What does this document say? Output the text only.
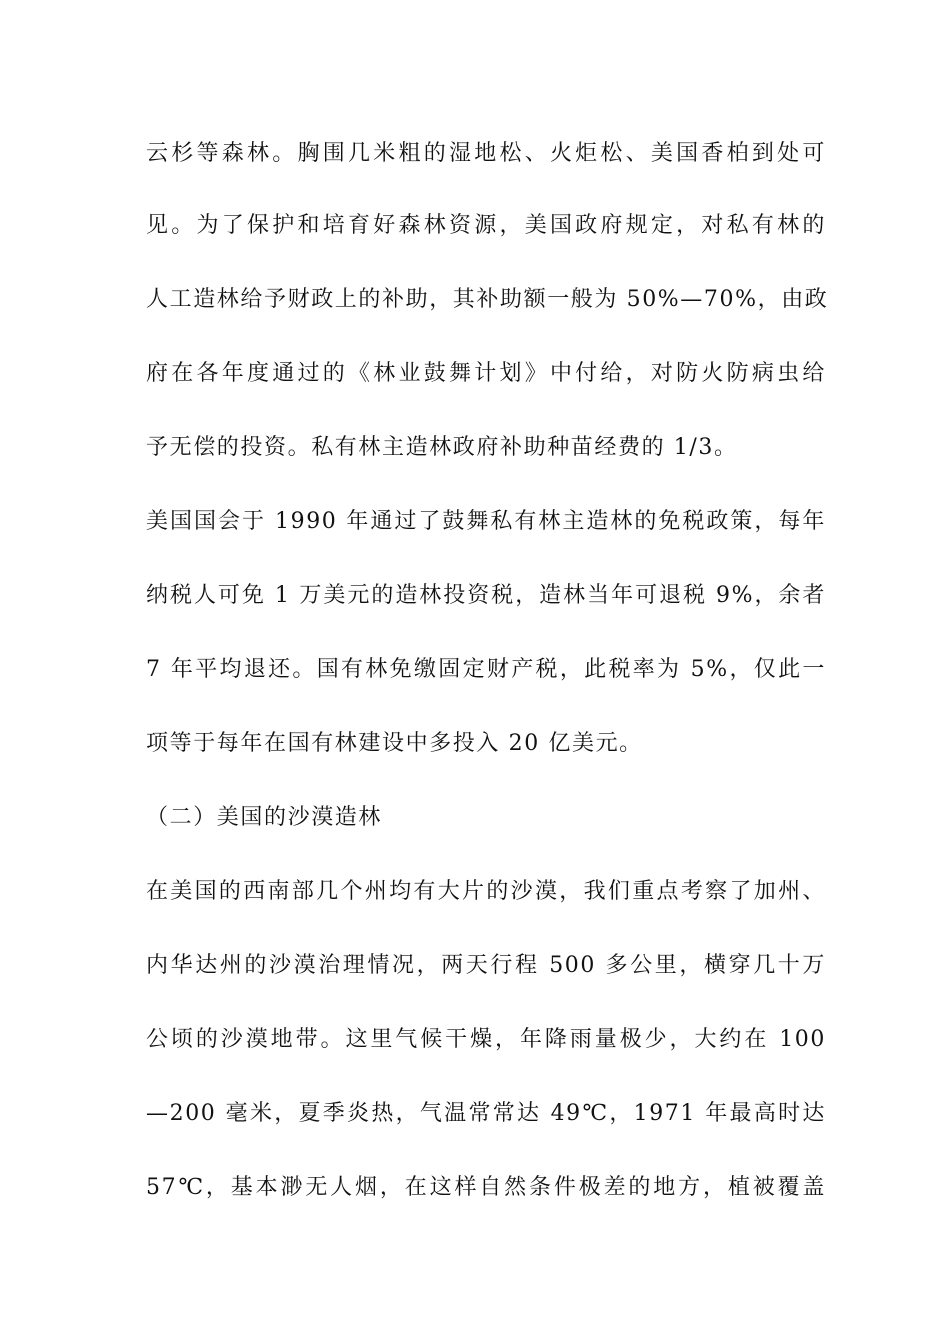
云杉等森林。胸围几米粗的湿地松、火炬松、美国香柏到处可
见。为了保护和培育好森林资源，美国政府规定，对私有林的
人工造林给予财政上的补助，其补助额一般为 50%—70%，由政
府在各年度通过的《林业鼓舞计划》中付给，对防火防病虫给
予无偿的投资。私有林主造林政府补助种苗经费的 1/3。
美国国会于 1990 年通过了鼓舞私有林主造林的免税政策，每年
纳税人可免 1 万美元的造林投资税，造林当年可退税 9%，余者
7 年平均退还。国有林免缴固定财产税，此税率为 5%，仅此一
项等于每年在国有林建设中多投入 20 亿美元。
（二）美国的沙漠造林
在美国的西南部几个州均有大片的沙漠，我们重点考察了加州、
内华达州的沙漠治理情况，两天行程 500 多公里，横穿几十万
公顷的沙漠地带。这里气候干燥，年降雨量极少，大约在 100
—200 毫米，夏季炎热，气温常常达 49℃，1971 年最高时达
57℃，基本渺无人烟，在这样自然条件极差的地方，植被覆盖
